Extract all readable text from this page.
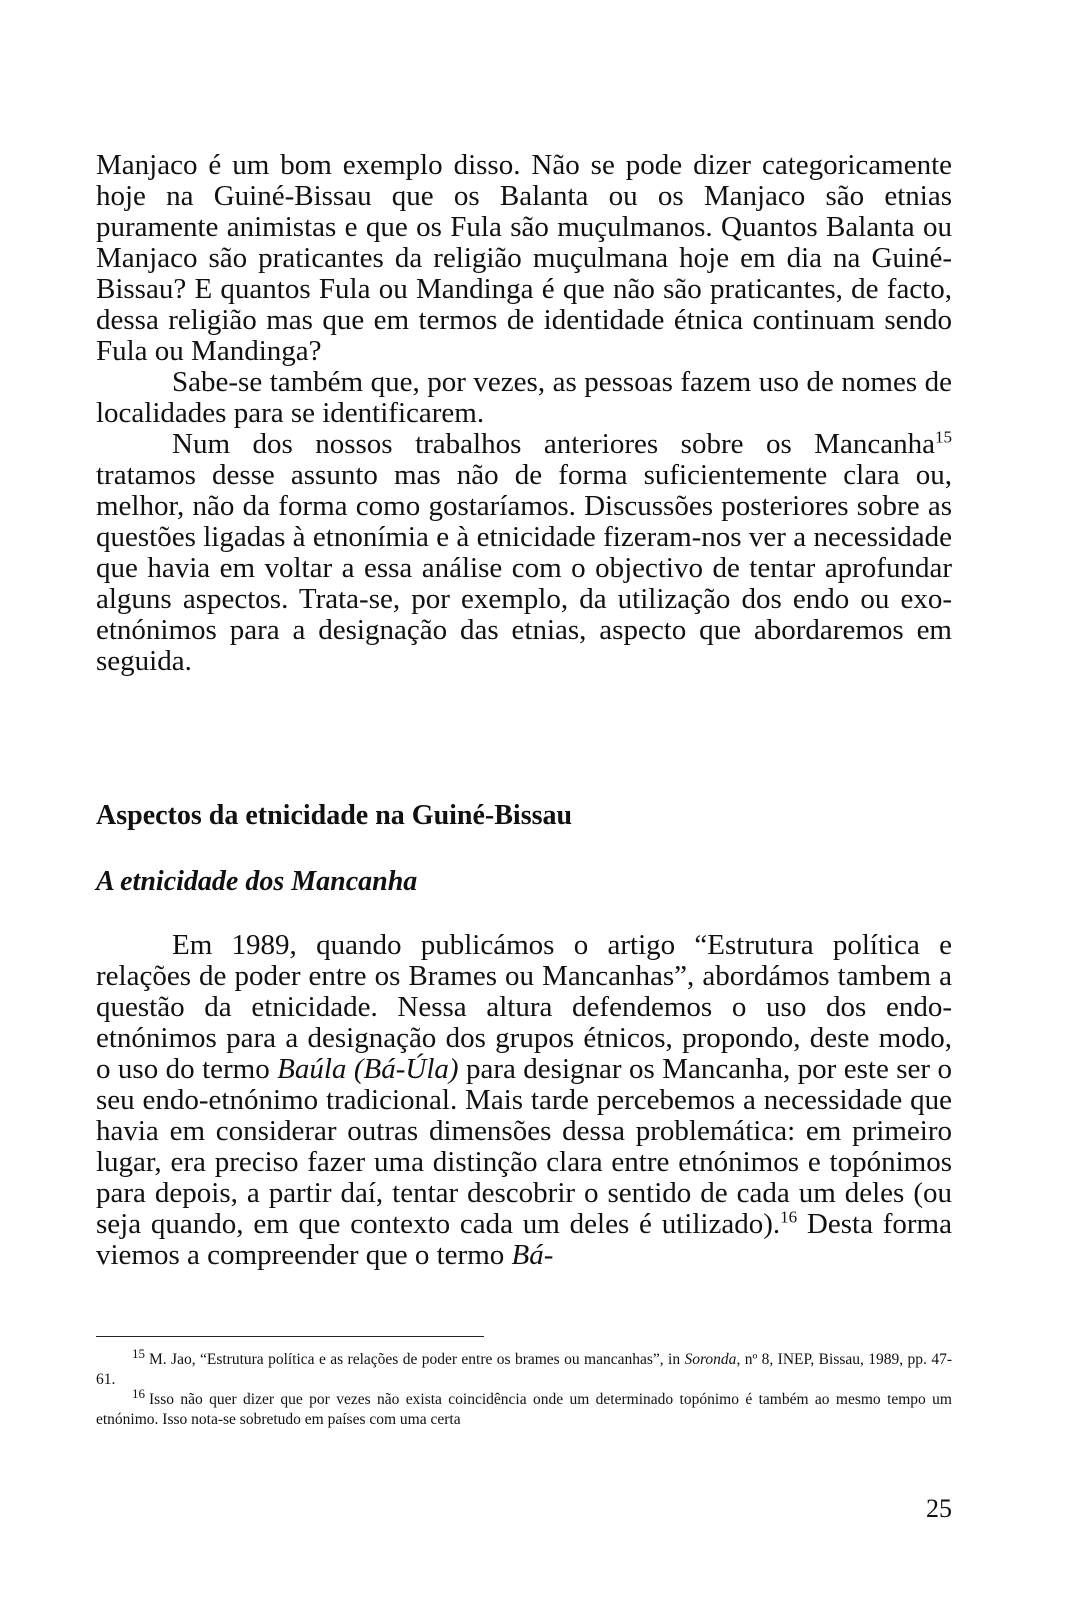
Manjaco é um bom exemplo disso. Não se pode dizer categoricamente hoje na Guiné-Bissau que os Balanta ou os Manjaco são etnias puramente animistas e que os Fula são muçulmanos. Quantos Balanta ou Manjaco são praticantes da religião muçulmana hoje em dia na Guiné-Bissau? E quantos Fula ou Mandinga é que não são praticantes, de facto, dessa religião mas que em termos de identidade étnica continuam sendo Fula ou Mandinga?

Sabe-se também que, por vezes, as pessoas fazem uso de nomes de localidades para se identificarem.

Num dos nossos trabalhos anteriores sobre os Mancanha$^{15}$ tratamos desse assunto mas não de forma suficientemente clara ou, melhor, não da forma como gostaríamos. Discussões posteriores sobre as questões ligadas à etnonímia e à etnicidade fizeram-nos ver a necessidade que havia em voltar a essa análise com o objectivo de tentar aprofundar alguns aspectos. Trata-se, por exemplo, da utilização dos endo ou exo-etnónimos para a designação das etnias, aspecto que abordaremos em seguida.

Aspectos da etnicidade na Guiné-Bissau
A etnicidade dos Mancanha

Em 1989, quando publicámos o artigo “Estrutura política e relações de poder entre os Brames ou Mancanhas”, abordámos tambem a questão da etnicidade. Nessa altura defendemos o uso dos endo-etnónimos para a designação dos grupos étnicos, propondo, deste modo, o uso do termo Baúla (Bá-Úla) para designar os Mancanha, por este ser o seu endo-etnónimo tradicional. Mais tarde percebemos a necessidade que havia em considerar outras dimensões dessa problemática: em primeiro lugar, era preciso fazer uma distinção clara entre etnónimos e topónimos para depois, a partir daí, tentar descobrir o sentido de cada um deles (ou seja quando, em que contexto cada um deles é utilizado).$^{16}$ Desta forma viemos a compreender que o termo Bá-

$^{15}$ M. Jao, “Estrutura política e as relações de poder entre os brames ou mancanhas”, in Soronda, nº 8, INEP, Bissau, 1989, pp. 47-61.

$^{16}$ Isso não quer dizer que por vezes não exista coincidência onde um determinado topónimo é também ao mesmo tempo um etnónimo. Isso nota-se sobretudo em países com uma certa

25
